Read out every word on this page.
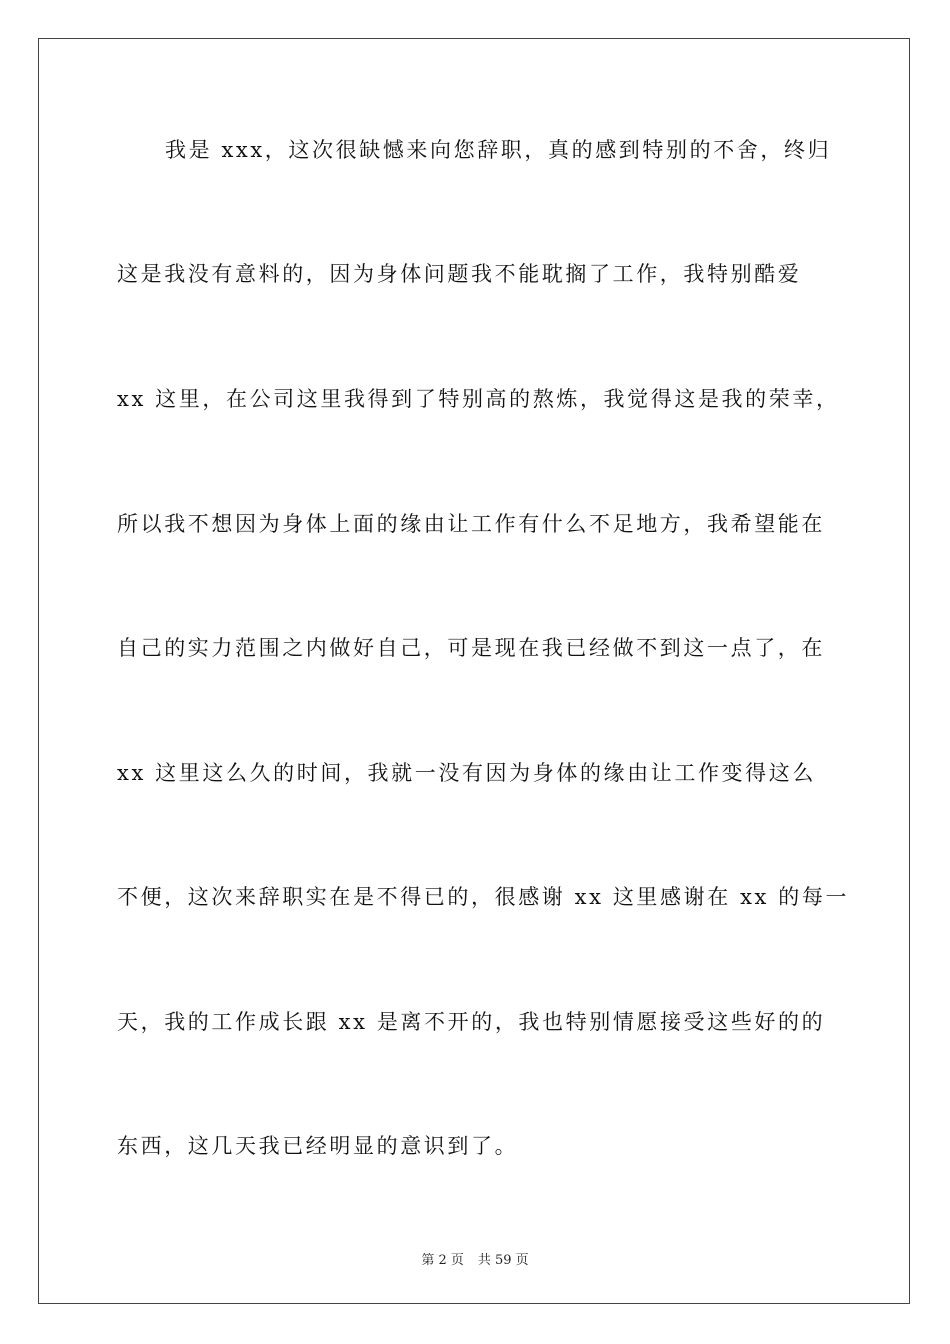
我是 xxx，这次很缺憾来向您辞职，真的感到特别的不舍，终归
这是我没有意料的，因为身体问题我不能耽搁了工作，我特别酷爱
xx 这里，在公司这里我得到了特别高的熬炼，我觉得这是我的荣幸，
所以我不想因为身体上面的缘由让工作有什么不足地方，我希望能在
自己的实力范围之内做好自己，可是现在我已经做不到这一点了，在
xx 这里这么久的时间，我就一没有因为身体的缘由让工作变得这么
不便，这次来辞职实在是不得已的，很感谢 xx 这里感谢在 xx 的每一
天，我的工作成长跟 xx 是离不开的，我也特别情愿接受这些好的的
东西，这几天我已经明显的意识到了。
第 2 页 共 59 页
